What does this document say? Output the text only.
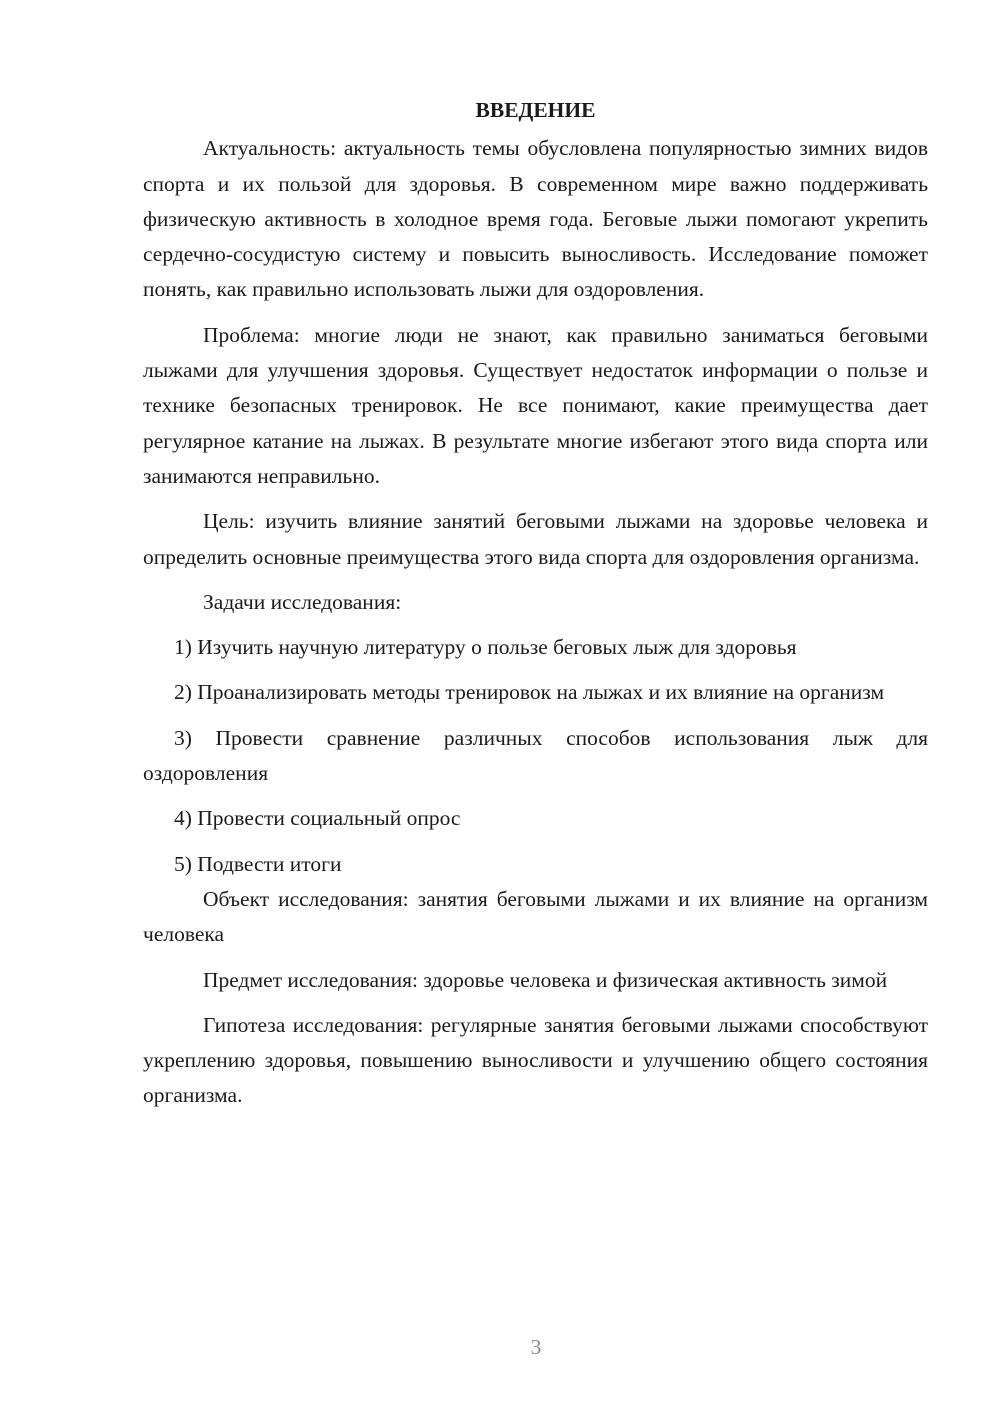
ВВЕДЕНИЕ

Актуальность: актуальность темы обусловлена популярностью зимних видов спорта и их пользой для здоровья. В современном мире важно поддерживать физическую активность в холодное время года. Беговые лыжи помогают укрепить сердечно-сосудистую систему и повысить выносливость. Исследование поможет понять, как правильно использовать лыжи для оздоровления.

Проблема: многие люди не знают, как правильно заниматься беговыми лыжами для улучшения здоровья. Существует недостаток информации о пользе и технике безопасных тренировок. Не все понимают, какие преимущества дает регулярное катание на лыжах. В результате многие избегают этого вида спорта или занимаются неправильно.

Цель: изучить влияние занятий беговыми лыжами на здоровье человека и определить основные преимущества этого вида спорта для оздоровления организма.

Задачи исследования:

1) Изучить научную литературу о пользе беговых лыж для здоровья

2) Проанализировать методы тренировок на лыжах и их влияние на организм

3) Провести сравнение различных способов использования лыж для оздоровления

4) Провести социальный опрос

5) Подвести итоги

Объект исследования: занятия беговыми лыжами и их влияние на организм человека

Предмет исследования: здоровье человека и физическая активность зимой

Гипотеза исследования: регулярные занятия беговыми лыжами способствуют укреплению здоровья, повышению выносливости и улучшению общего состояния организма.

3
